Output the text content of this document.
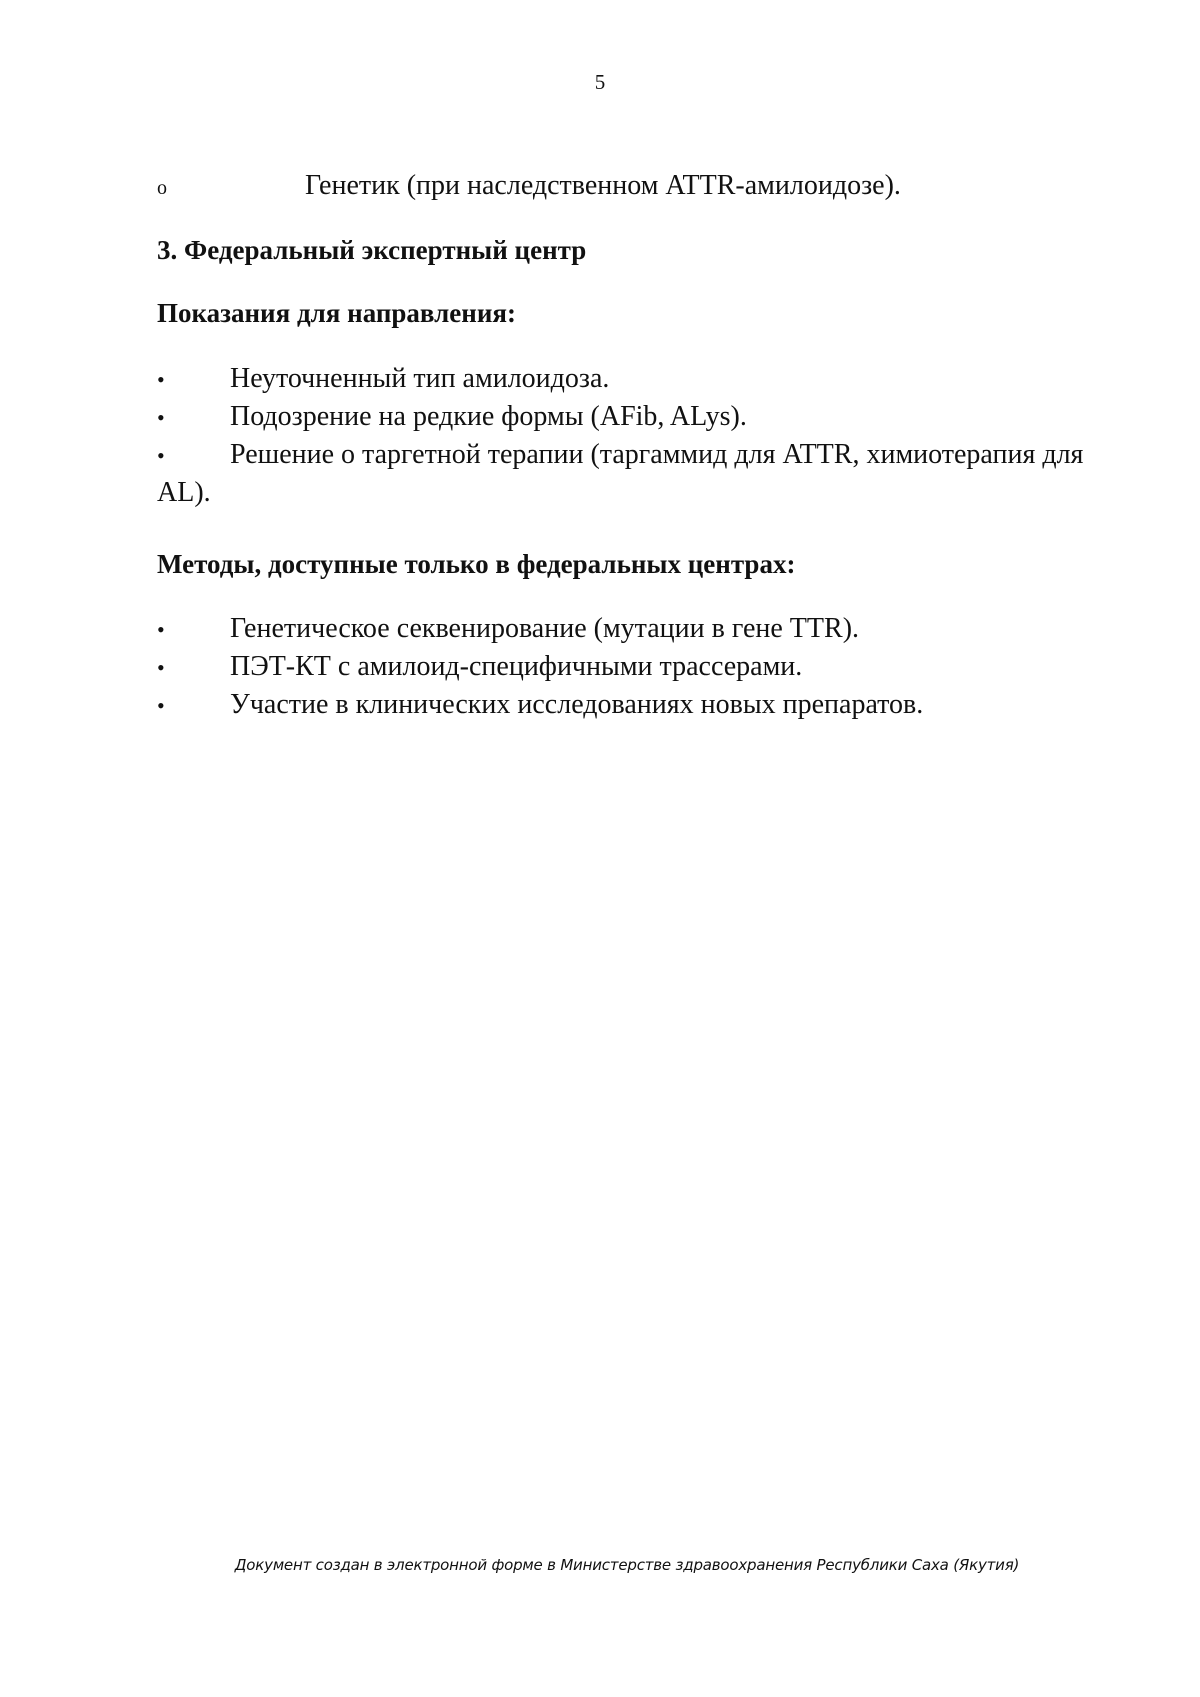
5
o	Генетик (при наследственном ATTR-амилоидозе).
3. Федеральный экспертный центр
Показания для направления:
• Неуточненный тип амилоидоза.
• Подозрение на редкие формы (AFib, ALys).
• Решение о таргетной терапии (таргаммид для ATTR, химиотерапия для AL).
Методы, доступные только в федеральных центрах:
• Генетическое секвенирование (мутации в гене TTR).
• ПЭТ-КТ с амилоид-специфичными трассерами.
• Участие в клинических исследованиях новых препаратов.
Документ создан в электронной форме в Министерстве здравоохранения Республики Саха (Якутия)
